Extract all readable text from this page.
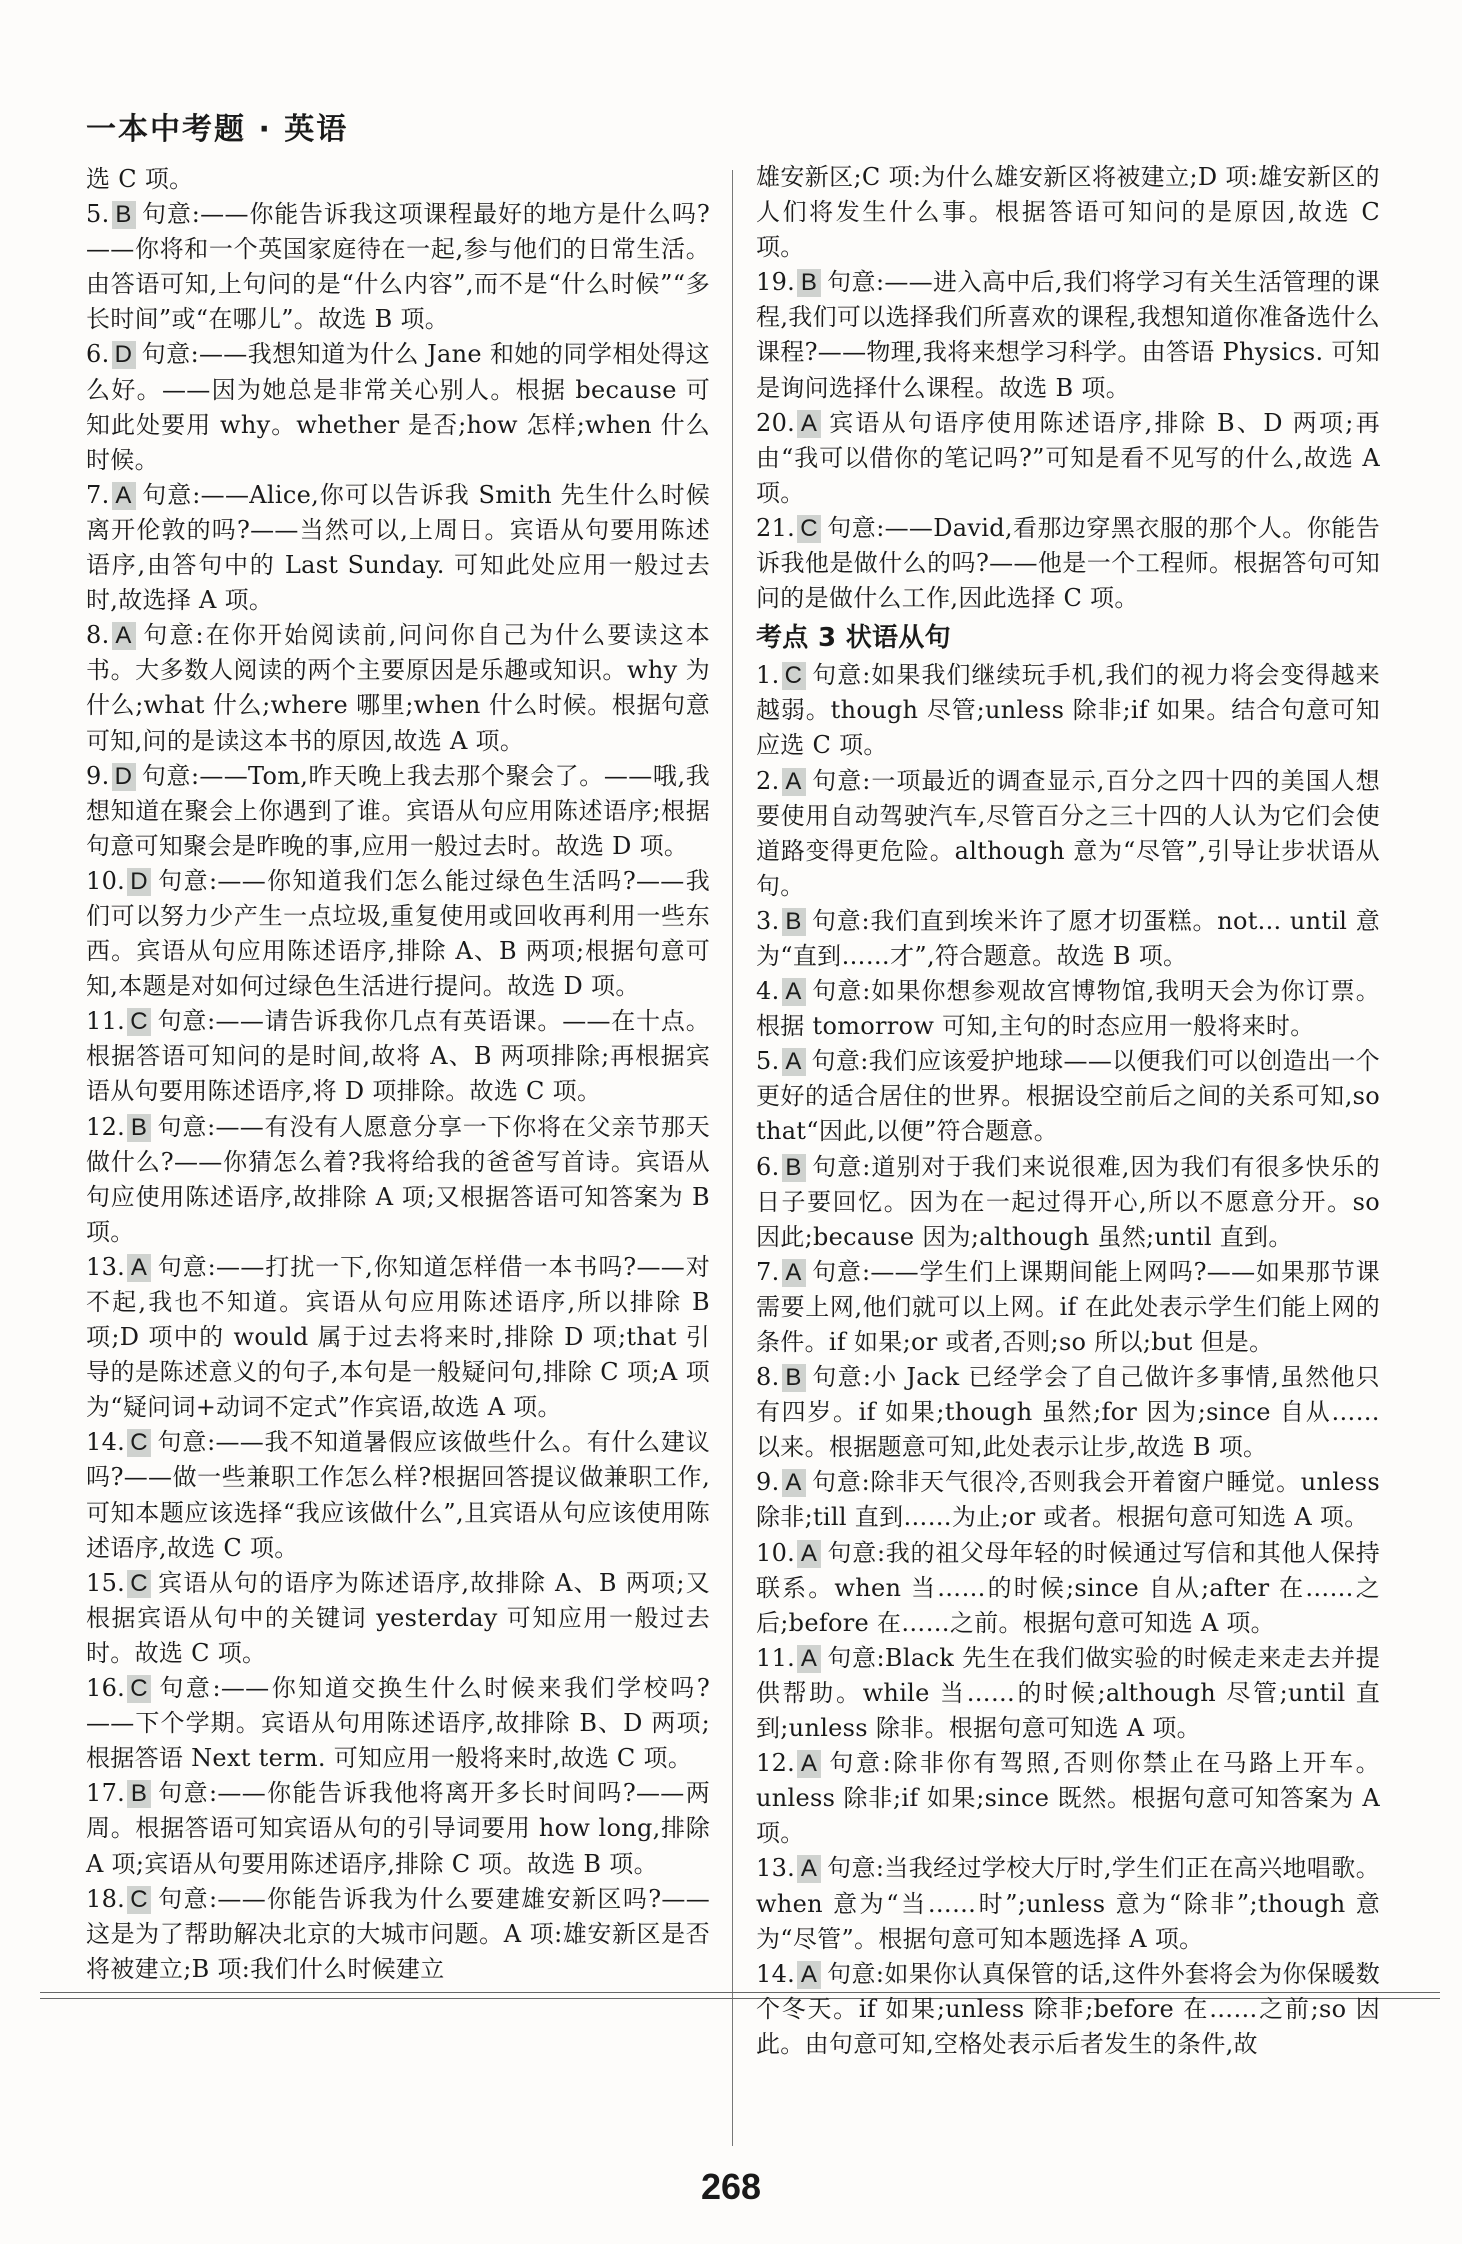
一本中考题 · 英语

选 C 项。

5. B 句意:——你能告诉我这项课程最好的地方是什么吗?——你将和一个英国家庭待在一起,参与他们的日常生活。由答语可知,上句问的是“什么内容”,而不是“什么时候”“多长时间”或“在哪儿”。故选 B 项。

6. D 句意:——我想知道为什么 Jane 和她的同学相处得这么好。——因为她总是非常关心别人。根据 because 可知此处要用 why。whether 是否;how 怎样;when 什么时候。

7. A 句意:——Alice,你可以告诉我 Smith 先生什么时候离开伦敦的吗?——当然可以,上周日。宾语从句要用陈述语序,由答句中的 Last Sunday. 可知此处应用一般过去时,故选择 A 项。

8. A 句意:在你开始阅读前,问问你自己为什么要读这本书。大多数人阅读的两个主要原因是乐趣或知识。why 为什么;what 什么;where 哪里;when 什么时候。根据句意可知,问的是读这本书的原因,故选 A 项。

9. D 句意:——Tom,昨天晚上我去那个聚会了。——哦,我想知道在聚会上你遇到了谁。宾语从句应用陈述语序;根据句意可知聚会是昨晚的事,应用一般过去时。故选 D 项。

10. D 句意:——你知道我们怎么能过绿色生活吗?——我们可以努力少产生一点垃圾,重复使用或回收再利用一些东西。宾语从句应用陈述语序,排除 A、B 两项;根据句意可知,本题是对如何过绿色生活进行提问。故选 D 项。

11. C 句意:——请告诉我你几点有英语课。——在十点。根据答语可知问的是时间,故将 A、B 两项排除;再根据宾语从句要用陈述语序,将 D 项排除。故选 C 项。

12. B 句意:——有没有人愿意分享一下你将在父亲节那天做什么?——你猜怎么着?我将给我的爸爸写首诗。宾语从句应使用陈述语序,故排除 A 项;又根据答语可知答案为 B 项。

13. A 句意:——打扰一下,你知道怎样借一本书吗?——对不起,我也不知道。宾语从句应用陈述语序,所以排除 B 项;D 项中的 would 属于过去将来时,排除 D 项;that 引导的是陈述意义的句子,本句是一般疑问句,排除 C 项;A 项为“疑问词+动词不定式”作宾语,故选 A 项。

14. C 句意:——我不知道暑假应该做些什么。有什么建议吗?——做一些兼职工作怎么样?根据回答提议做兼职工作,可知本题应该选择“我应该做什么”,且宾语从句应该使用陈述语序,故选 C 项。

15. C 宾语从句的语序为陈述语序,故排除 A、B 两项;又根据宾语从句中的关键词 yesterday 可知应用一般过去时。故选 C 项。

16. C 句意:——你知道交换生什么时候来我们学校吗?——下个学期。宾语从句用陈述语序,故排除 B、D 两项;根据答语 Next term. 可知应用一般将来时,故选 C 项。

17. B 句意:——你能告诉我他将离开多长时间吗?——两周。根据答语可知宾语从句的引导词要用 how long,排除 A 项;宾语从句要用陈述语序,排除 C 项。故选 B 项。

18. C 句意:——你能告诉我为什么要建雄安新区吗?——这是为了帮助解决北京的大城市问题。A 项:雄安新区是否将被建立;B 项:我们什么时候建立

雄安新区;C 项:为什么雄安新区将被建立;D 项:雄安新区的人们将发生什么事。根据答语可知问的是原因,故选 C 项。

19. B 句意:——进入高中后,我们将学习有关生活管理的课程,我们可以选择我们所喜欢的课程,我想知道你准备选什么课程?——物理,我将来想学习科学。由答语 Physics. 可知是询问选择什么课程。故选 B 项。

20. A 宾语从句语序使用陈述语序,排除 B、D 两项;再由“我可以借你的笔记吗?”可知是看不见写的什么,故选 A 项。

21. C 句意:——David,看那边穿黑衣服的那个人。你能告诉我他是做什么的吗?——他是一个工程师。根据答句可知问的是做什么工作,因此选择 C 项。

考点 3 状语从句

1. C 句意:如果我们继续玩手机,我们的视力将会变得越来越弱。though 尽管;unless 除非;if 如果。结合句意可知应选 C 项。

2. A 句意:一项最近的调查显示,百分之四十四的美国人想要使用自动驾驶汽车,尽管百分之三十四的人认为它们会使道路变得更危险。although 意为“尽管”,引导让步状语从句。

3. B 句意:我们直到埃米许了愿才切蛋糕。not... until 意为“直到……才”,符合题意。故选 B 项。

4. A 句意:如果你想参观故宫博物馆,我明天会为你订票。根据 tomorrow 可知,主句的时态应用一般将来时。

5. A 句意:我们应该爱护地球——以便我们可以创造出一个更好的适合居住的世界。根据设空前后之间的关系可知,so that“因此,以便”符合题意。

6. B 句意:道别对于我们来说很难,因为我们有很多快乐的日子要回忆。因为在一起过得开心,所以不愿意分开。so 因此;because 因为;although 虽然;until 直到。

7. A 句意:——学生们上课期间能上网吗?——如果那节课需要上网,他们就可以上网。if 在此处表示学生们能上网的条件。if 如果;or 或者,否则;so 所以;but 但是。

8. B 句意:小 Jack 已经学会了自己做许多事情,虽然他只有四岁。if 如果;though 虽然;for 因为;since 自从……以来。根据题意可知,此处表示让步,故选 B 项。

9. A 句意:除非天气很冷,否则我会开着窗户睡觉。unless 除非;till 直到……为止;or 或者。根据句意可知选 A 项。

10. A 句意:我的祖父母年轻的时候通过写信和其他人保持联系。when 当……的时候;since 自从;after 在……之后;before 在……之前。根据句意可知选 A 项。

11. A 句意:Black 先生在我们做实验的时候走来走去并提供帮助。while 当……的时候;although 尽管;until 直到;unless 除非。根据句意可知选 A 项。

12. A 句意:除非你有驾照,否则你禁止在马路上开车。unless 除非;if 如果;since 既然。根据句意可知答案为 A 项。

13. A 句意:当我经过学校大厅时,学生们正在高兴地唱歌。when 意为“当……时”;unless 意为“除非”;though 意为“尽管”。根据句意可知本题选择 A 项。

14. A 句意:如果你认真保管的话,这件外套将会为你保暖数个冬天。if 如果;unless 除非;before 在……之前;so 因此。由句意可知,空格处表示后者发生的条件,故

268
